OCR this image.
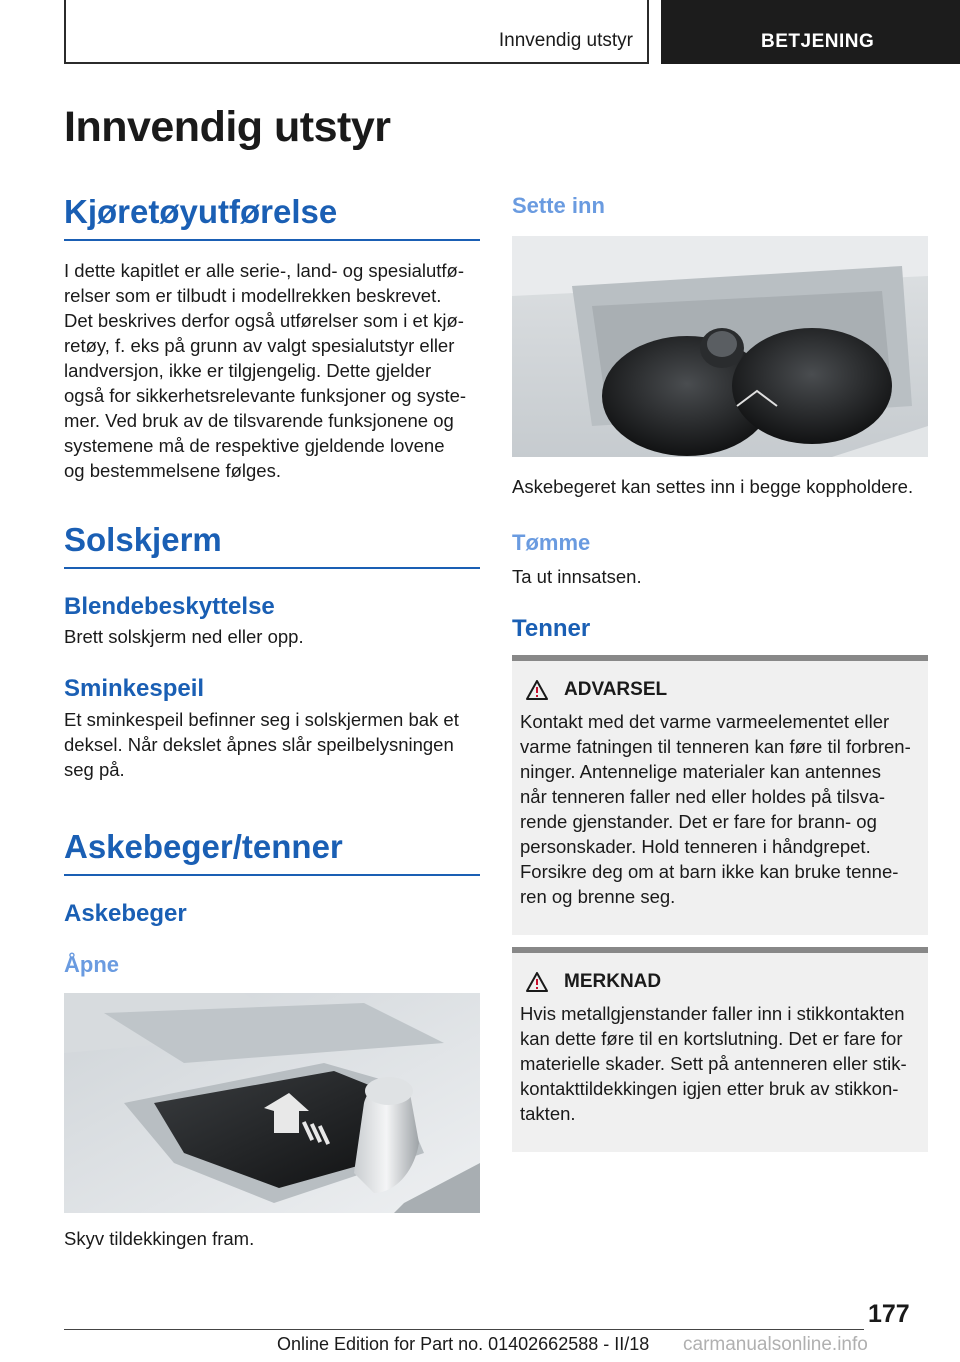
Innvendig utstyr	BETJENING
Innvendig utstyr
Kjøretøyutførelse

I dette kapitlet er alle serie-, land- og spesialutfø-

relser som er tilbudt i modellrekken beskrevet.

Det beskrives derfor også utførelser som i et kjø-

retøy, f. eks på grunn av valgt spesialutstyr eller

landversjon, ikke er tilgjengelig. Dette gjelder

også for sikkerhetsrelevante funksjoner og syste-

mer. Ved bruk av de tilsvarende funksjonene og

systemene må de respektive gjeldende lovene

og bestemmelsene følges.

Solskjerm
Blendebeskyttelse

Brett solskjerm ned eller opp.

Sminkespeil

Et sminkespeil befinner seg i solskjermen bak et

deksel. Når dekslet åpnes slår speilbelysningen

seg på.

Askebeger/tenner
Askebeger
Åpne

Skyv tildekkingen fram.

Sette inn

Askebegeret kan settes inn i begge koppholdere.

Tømme

Ta ut innsatsen.

Tenner
ADVARSEL

Kontakt med det varme varmeelementet eller

varme fatningen til tenneren kan føre til forbren-

ninger. Antennelige materialer kan antennes

når tenneren faller ned eller holdes på tilsva-

rende gjenstander. Det er fare for brann- og

personskader. Hold tenneren i håndgrepet.

Forsikre deg om at barn ikke kan bruke tenne-

ren og brenne seg.

MERKNAD

Hvis metallgjenstander faller inn i stikkontakten

kan dette føre til en kortslutning. Det er fare for

materielle skader. Sett på antenneren eller stik-

kontakttildekkingen igjen etter bruk av stikkon-

takten.

177
Online Edition for Part no. 01402662588 - II/18 carmanualsonline.info
